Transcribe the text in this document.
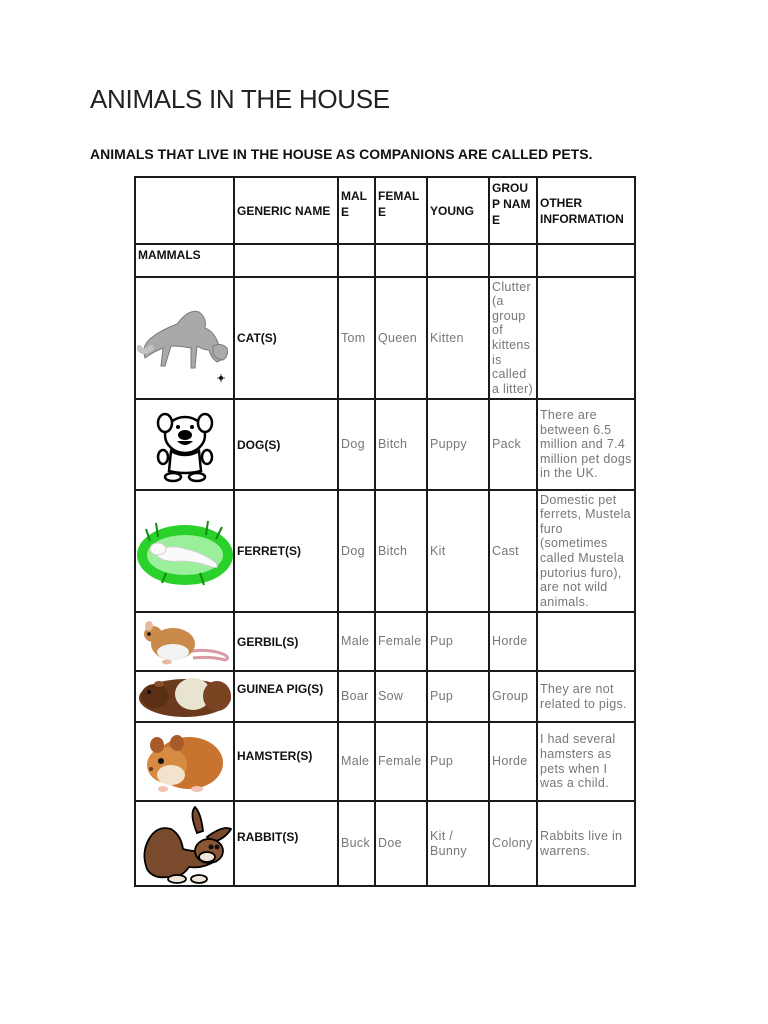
ANIMALS IN THE HOUSE

ANIMALS THAT LIVE IN THE HOUSE AS COMPANIONS ARE CALLED PETS.

	GENERIC NAME	MALE	FEMALE	YOUNG	GROUP NAME	OTHER INFORMATION
MAMMALS						

	CAT(S)	Tom	Queen	Kitten	Clutter (a group of kittens is called a litter)	

	DOG(S)	Dog	Bitch	Puppy	Pack	There are between 6.5 million and 7.4 million pet dogs in the UK.

	FERRET(S)	Dog	Bitch	Kit	Cast	Domestic pet ferrets, Mustela furo (sometimes called Mustela putorius furo), are not wild animals.

	GERBIL(S)	Male	Female	Pup	Horde	

	GUINEA PIG(S)	Boar	Sow	Pup	Group	They are not related to pigs.

	HAMSTER(S)	Male	Female	Pup	Horde	I had several hamsters as pets when I was a child.

	RABBIT(S)	Buck	Doe	Kit / Bunny	Colony	Rabbits live in warrens.
